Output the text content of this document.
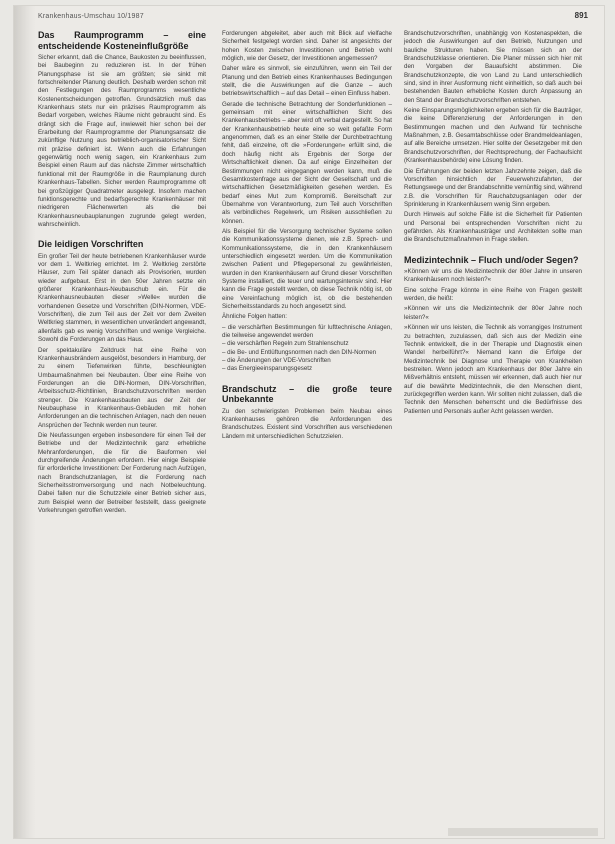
Krankenhaus-Umschau 10/1987	891
Das Raumprogramm – eine entscheidende Kosteneinflußgröße

Sicher erkannt, daß die Chance, Baukosten zu beeinflussen, bei Baubeginn zu reduzieren ist. In der frühen Planungsphase ist sie am größten; sie sinkt mit fortschreitender Planung deutlich. Deshalb werden schon mit den Festlegungen des Raumprogramms wesentliche Kostenentscheidungen getroffen. Grundsätzlich muß das Krankenhaus stets nur ein präzises Raumprogramm als Bedarf vorgeben, welches Räume nicht gebraucht sind. Es drängt sich die Frage auf, inwieweit hier schon bei der Erarbeitung der Raumprogramme der Planungsansatz die zukünftige Nutzung aus betrieblich-organisatorischer Sicht mit präzise definiert ist. Wenn auch die Erfahrungen gegenwärtig noch wenig sagen, ein Krankenhaus zum Beispiel einen Raum auf das nächste Zimmer wirtschaftlich funktional mit der Raumgröße in die Raumplanung durch Krankenhaus-Tabellen. Sicher werden Raumprogramme oft bei großzügiger Quadratmeter ausgelegt. Insofern machen funktionsgerechte und bedarfsgerechte Krankenhäuser mit niedrigeren Flächenwerten als die bei Krankenhausneubauplanungen zugrunde gelegt werden, wahrscheinlich.

Die leidigen Vorschriften

Ein großer Teil der heute betriebenen Krankenhäuser wurde vor dem 1. Weltkrieg errichtet. Im 2. Weltkrieg zerstörte Häuser, zum Teil später danach als Provisorien, wurden wieder aufgebaut. Erst in den 50er Jahren setzte ein größerer Krankenhaus-Neubauschub ein. Für die Krankenhausneubauten dieser »Welle« wurden die vorhandenen Gesetze und Vorschriften (DIN-Normen, VDE-Vorschriften), die zum Teil aus der Zeit vor dem Zweiten Weltkrieg stammen, in wesentlichen unverändert angewandt, allenfalls gab es wenig Vorschriften und wenige Vergleiche. Sowohl die Forderungen an das Haus.

Der spektakuläre Zeitdruck hat eine Reihe von Krankenhausbrändern ausgelöst, besonders in Hamburg, der zu einem Tiefenwirken führte, beschleunigten Umbaumaßnahmen bei Neubauten. Über eine Reihe von Forderungen an die DIN-Normen, DIN-Vorschriften, Arbeitsschutz-Richtlinien, Brandschutzvorschriften werden strenger. Die Krankenhausbauten aus der Zeit der Neubauphase in Krankenhaus-Gebäuden mit hohen Anforderungen an die technischen Anlagen, nach den neuen Ansprüchen der Technik werden nun teurer.

Die Neufassungen ergeben insbesondere für einen Teil der Betriebe und der Medizintechnik ganz erhebliche Mehranforderungen, die für die Bauformen viel durchgreifende Änderungen erfordern. Hier einige Beispiele für erforderliche Investitionen: Der Forderung nach Aufzügen, nach Brandschutzanlagen, ist die Forderung nach Sicherheitsstromversorgung und nach Notbeleuchtung. Dabei fallen nur die Schutzziele einer Betrieb sicher aus, zum Beispiel wenn der Betreiber feststellt, dass geeignete Vorkehrungen getroffen werden.

Forderungen abgeleitet, aber auch mit Blick auf vielfache Sicherheit festgelegt worden sind. Daher ist angesichts der hohen Kosten zwischen Investitionen und Betrieb wohl möglich, wie der Gesetz, der Investitionen angemessen?

Daher wäre es sinnvoll, sie einzuführen, wenn ein Teil der Planung und den Betrieb eines Krankenhauses Bedingungen stellt, die die Auswirkungen auf die Ganze – auch betriebswirtschaftlich – auf das Detail – einen Einfluss haben.

Gerade die technische Betrachtung der Sonderfunktionen – gemeinsam mit einer wirtschaftlichen Sicht des Krankenhausbetriebs – aber wird oft verbal dargestellt. So hat der Krankenhausbetrieb heute eine so weit gefaßte Form angenommen, daß es an einer Stelle der Durchbetrachtung fehlt, daß einzelne, oft die »Forderungen« erfüllt sind, die doch häufig nicht als Ergebnis der Sorge der Wirtschaftlichkeit dienen. Da auf einige Einzelheiten der Bestimmungen nicht eingegangen werden kann, muß die Gesamtkostenfrage aus der Sicht der Gesellschaft und die wirtschaftlichen Gesetzmäßigkeiten gesehen werden. Es bedarf eines Mut zum Kompromiß. Bereitschaft zur Übernahme von Verantwortung, zum Teil auch Vorschriften als verbindliches Regelwerk, um Risiken ausschließen zu können.

Als Beispiel für die Versorgung technischer Systeme sollen die Kommunikationssysteme dienen, wie z.B. Sprech- und Kommunikationssysteme, die in den Krankenhäusern unterschiedlich eingesetzt werden. Um die Kommunikation zwischen Patient und Pflegepersonal zu gewährleisten, wurden in den Krankenhäusern auf Grund dieser Vorschriften Systeme installiert, die teuer und wartungsintensiv sind. Hier kann die Frage gestellt werden, ob diese Technik nötig ist, ob eine Vereinfachung möglich ist, ob die bestehenden Sicherheitsstandards zu hoch angesetzt sind.

Ähnliche Folgen hatten:

– die verschärften Bestimmungen für lufttechnische Anlagen, die teilweise angewendet werden
– die verschärften Regeln zum Strahlenschutz
– die Be- und Entlüftungsnormen nach den DIN-Normen
– die Änderungen der VDE-Vorschriften
– das Energieeinsparungsgesetz
Brandschutz – die große teure Unbekannte

Zu den schwierigsten Problemen beim Neubau eines Krankenhauses gehören die Anforderungen des Brandschutzes. Existent sind Vorschriften aus verschiedenen Ländern mit unterschiedlichen Schutzzielen.

Brandschutzvorschriften, unabhängig von Kostenaspekten, die jedoch die Auswirkungen auf den Betrieb, Nutzungen und bauliche Strukturen haben. Sie müssen sich an der Brandschutzklasse orientieren. Die Planer müssen sich hier mit den Vorgaben der Bauaufsicht abstimmen. Die Brandschutzkonzepte, die von Land zu Land unterschiedlich sind, sind in ihrer Ausformung nicht einheitlich, so daß auch bei bestehenden Bauten erhebliche Kosten durch Anpassung an den Stand der Brandschutzvorschriften entstehen.

Keine Einsparungsmöglichkeiten ergeben sich für die Bauträger, die keine Differenzierung der Anforderungen in den Bestimmungen machen und den Aufwand für technische Maßnahmen, z.B. Gesamtabschlüsse oder Brandmeldeanlagen, auf alle Bereiche umsetzen. Hier sollte der Gesetzgeber mit den Brandschutzvorschriften, der Rechtsprechung, der Fachaufsicht (Krankenhausbehörde) eine Lösung finden.

Die Erfahrungen der beiden letzten Jahrzehnte zeigen, daß die Vorschriften hinsichtlich der Feuerwehrzufahrten, der Rettungswege und der Brandabschnitte vernünftig sind, während z.B. die Vorschriften für Rauchabzugsanlagen oder der Sprinklerung in Krankenhäusern wenig Sinn ergeben.

Durch Hinweis auf solche Fälle ist die Sicherheit für Patienten und Personal bei entsprechenden Vorschriften nicht zu gefährden. Als Krankenhausträger und Architekten sollte man die Brandschutzmaßnahmen in Frage stellen.

Medizintechnik – Fluch und/oder Segen?

»Können wir uns die Medizintechnik der 80er Jahre in unseren Krankenhäusern noch leisten?«

Eine solche Frage könnte in eine Reihe von Fragen gestellt werden, die heißt:

»Können wir uns die Medizintechnik der 80er Jahre noch leisten?«

»Können wir uns leisten, die Technik als vorrangiges Instrument zu betrachten, zuzulassen, daß sich aus der Medizin eine Technik entwickelt, die in der Therapie und Diagnostik einen Wandel herbeiführt?« Niemand kann die Erfolge der Medizintechnik bei Diagnose und Therapie von Krankheiten bestreiten. Wenn jedoch am Krankenhaus der 80er Jahre ein Mißverhältnis entsteht, müssen wir erkennen, daß auch hier nur auf die bewährte Medizintechnik, die den Menschen dient, zurückgegriffen werden kann. Wir sollten nicht zulassen, daß die Technik den Menschen beherrscht und die Bedürfnisse des Patienten und Personals außer Acht gelassen werden.
